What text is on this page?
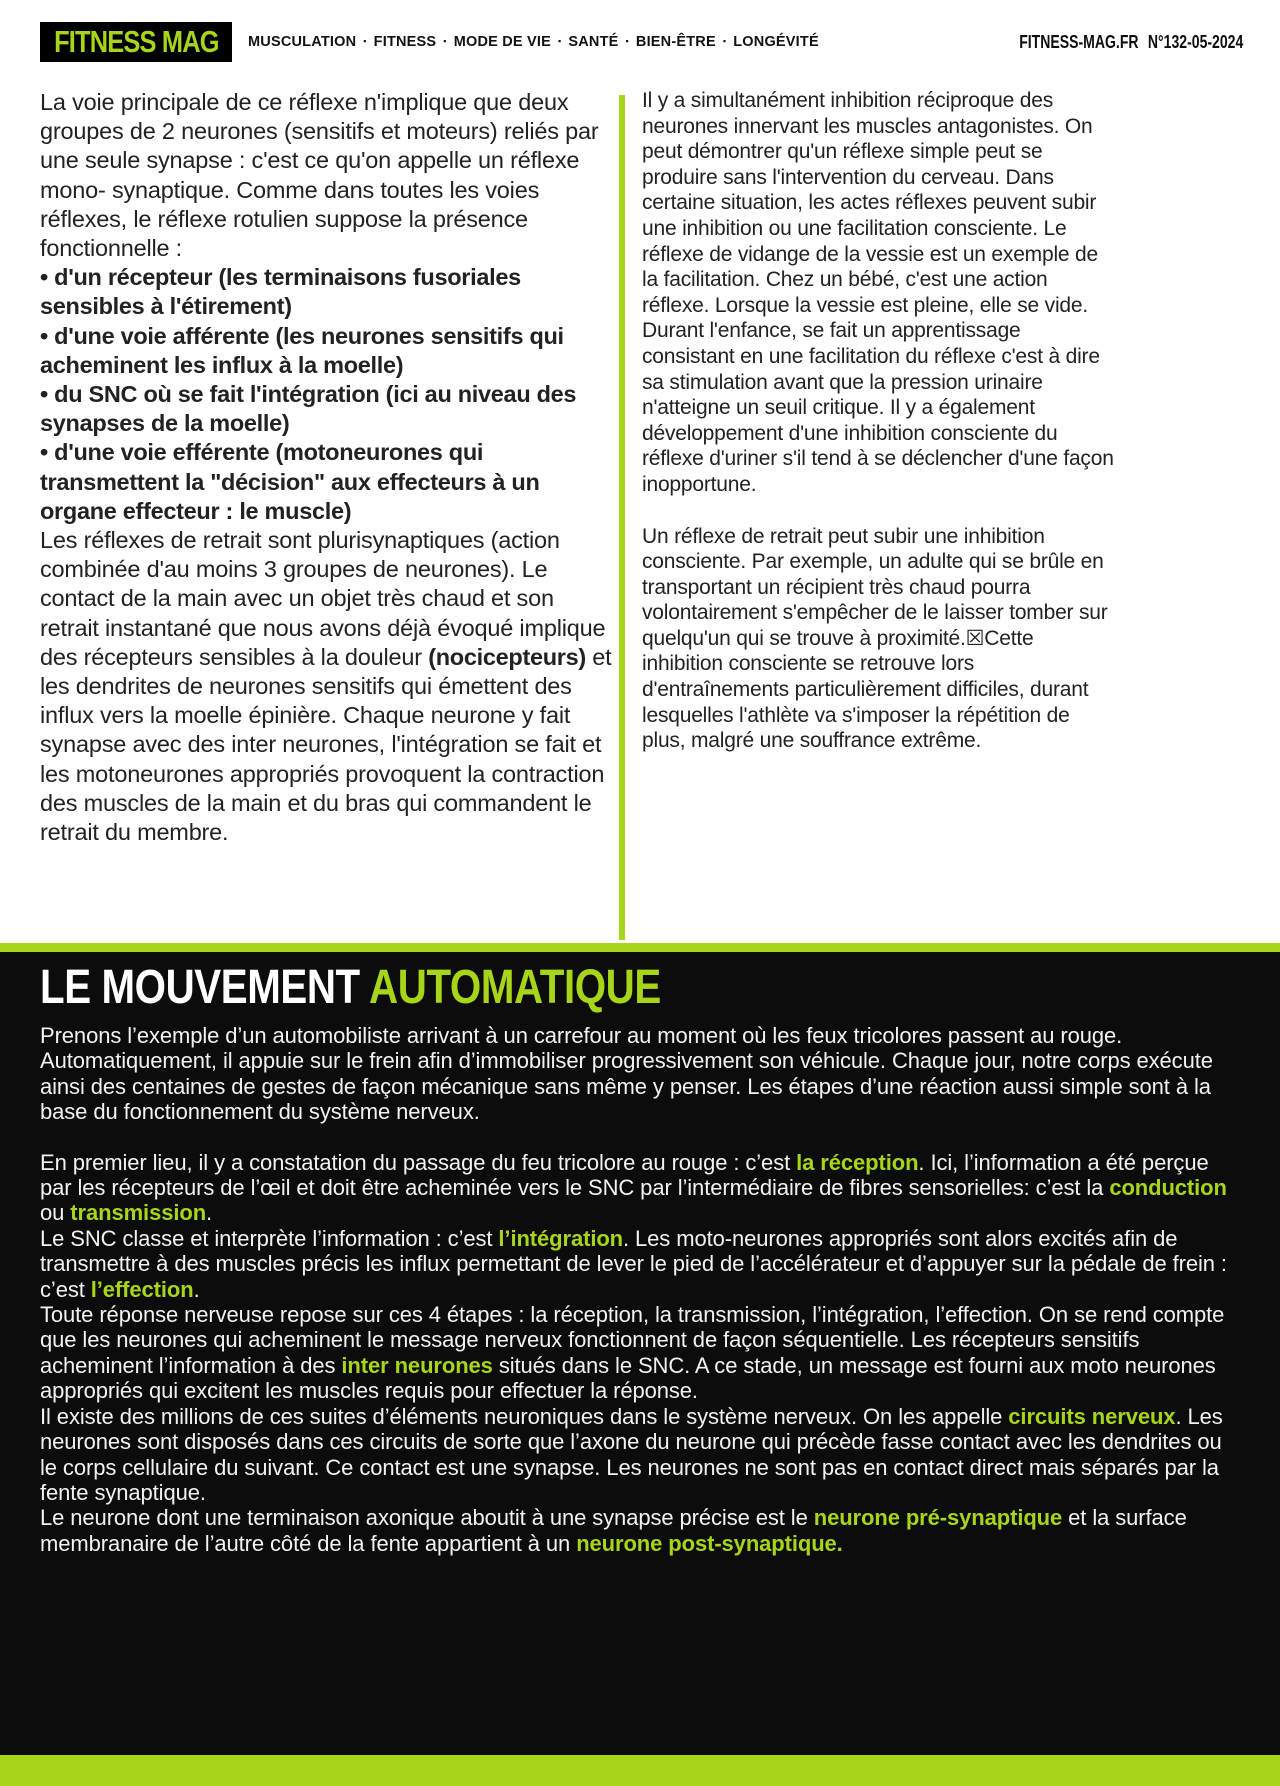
FITNESS MAG MUSCULATION ▪ FITNESS ▪ MODE DE VIE ▪ SANTÉ ▪ BIEN-ÊTRE ▪ LONGÉVITÉ	FITNESS-MAG.FR N°132-05-2024

La voie principale de ce réflexe n'implique que deux groupes de 2 neurones (sensitifs et moteurs) reliés par une seule synapse : c'est ce qu'on appelle un réflexe mono- synaptique. Comme dans toutes les voies réflexes, le réflexe rotulien suppose la présence fonctionnelle :

• d'un récepteur (les terminaisons fusoriales sensibles à l'étirement)

• d'une voie afférente (les neurones sensitifs qui acheminent les influx à la moelle)

• du SNC où se fait l'intégration (ici au niveau des synapses de la moelle)

• d'une voie efférente (motoneurones qui transmettent la "décision" aux effecteurs à un organe effecteur : le muscle)

Les réflexes de retrait sont plurisynaptiques (action combinée d'au moins 3 groupes de neurones). Le contact de la main avec un objet très chaud et son retrait instantané que nous avons déjà évoqué implique des récepteurs sensibles à la douleur (nocicepteurs) et les dendrites de neurones sensitifs qui émettent des influx vers la moelle épinière. Chaque neurone y fait synapse avec des inter neurones, l'intégration se fait et les motoneurones appropriés provoquent la contraction des muscles de la main et du bras qui commandent le retrait du membre.

Il y a simultanément inhibition réciproque des neurones innervant les muscles antagonistes. On peut démontrer qu'un réflexe simple peut se produire sans l'intervention du cerveau. Dans certaine situation, les actes réflexes peuvent subir une inhibition ou une facilitation consciente. Le réflexe de vidange de la vessie est un exemple de la facilitation. Chez un bébé, c'est une action réflexe. Lorsque la vessie est pleine, elle se vide.

Durant l'enfance, se fait un apprentissage consistant en une facilitation du réflexe c'est à dire sa stimulation avant que la pression urinaire n'atteigne un seuil critique. Il y a également développement d'une inhibition consciente du réflexe d'uriner s'il tend à se déclencher d'une façon inopportune.

Un réflexe de retrait peut subir une inhibition consciente. Par exemple, un adulte qui se brûle en transportant un récipient très chaud pourra volontairement s'empêcher de le laisser tomber sur quelqu'un qui se trouve à proximité.☒Cette inhibition consciente se retrouve lors d'entraînements particulièrement difficiles, durant lesquelles l'athlète va s'imposer la répétition de plus, malgré une souffrance extrême.

LE MOUVEMENT AUTOMATIQUE

Prenons l’exemple d’un automobiliste arrivant à un carrefour au moment où les feux tricolores passent au rouge. Automatiquement, il appuie sur le frein afin d’immobiliser progressivement son véhicule. Chaque jour, notre corps exécute ainsi des centaines de gestes de façon mécanique sans même y penser. Les étapes d’une réaction aussi simple sont à la base du fonctionnement du système nerveux.

En premier lieu, il y a constatation du passage du feu tricolore au rouge : c’est la réception. Ici, l’information a été perçue par les récepteurs de l’œil et doit être acheminée vers le SNC par l’intermédiaire de fibres sensorielles: c’est la conduction ou transmission.

Le SNC classe et interprète l’information : c’est l’intégration. Les moto-neurones appropriés sont alors excités afin de transmettre à des muscles précis les influx permettant de lever le pied de l’accélérateur et d’appuyer sur la pédale de frein : c’est l’effection.

Toute réponse nerveuse repose sur ces 4 étapes : la réception, la transmission, l’intégration, l’effection. On se rend compte que les neurones qui acheminent le message nerveux fonctionnent de façon séquentielle. Les récepteurs sensitifs acheminent l’information à des inter neurones situés dans le SNC. A ce stade, un message est fourni aux moto neurones appropriés qui excitent les muscles requis pour effectuer la réponse.

Il existe des millions de ces suites d’éléments neuroniques dans le système nerveux. On les appelle circuits nerveux. Les neurones sont disposés dans ces circuits de sorte que l’axone du neurone qui précède fasse contact avec les dendrites ou le corps cellulaire du suivant. Ce contact est une synapse. Les neurones ne sont pas en contact direct mais séparés par la fente synaptique.

Le neurone dont une terminaison axonique aboutit à une synapse précise est le neurone pré-synaptique et la surface membranaire de l’autre côté de la fente appartient à un neurone post-synaptique.
